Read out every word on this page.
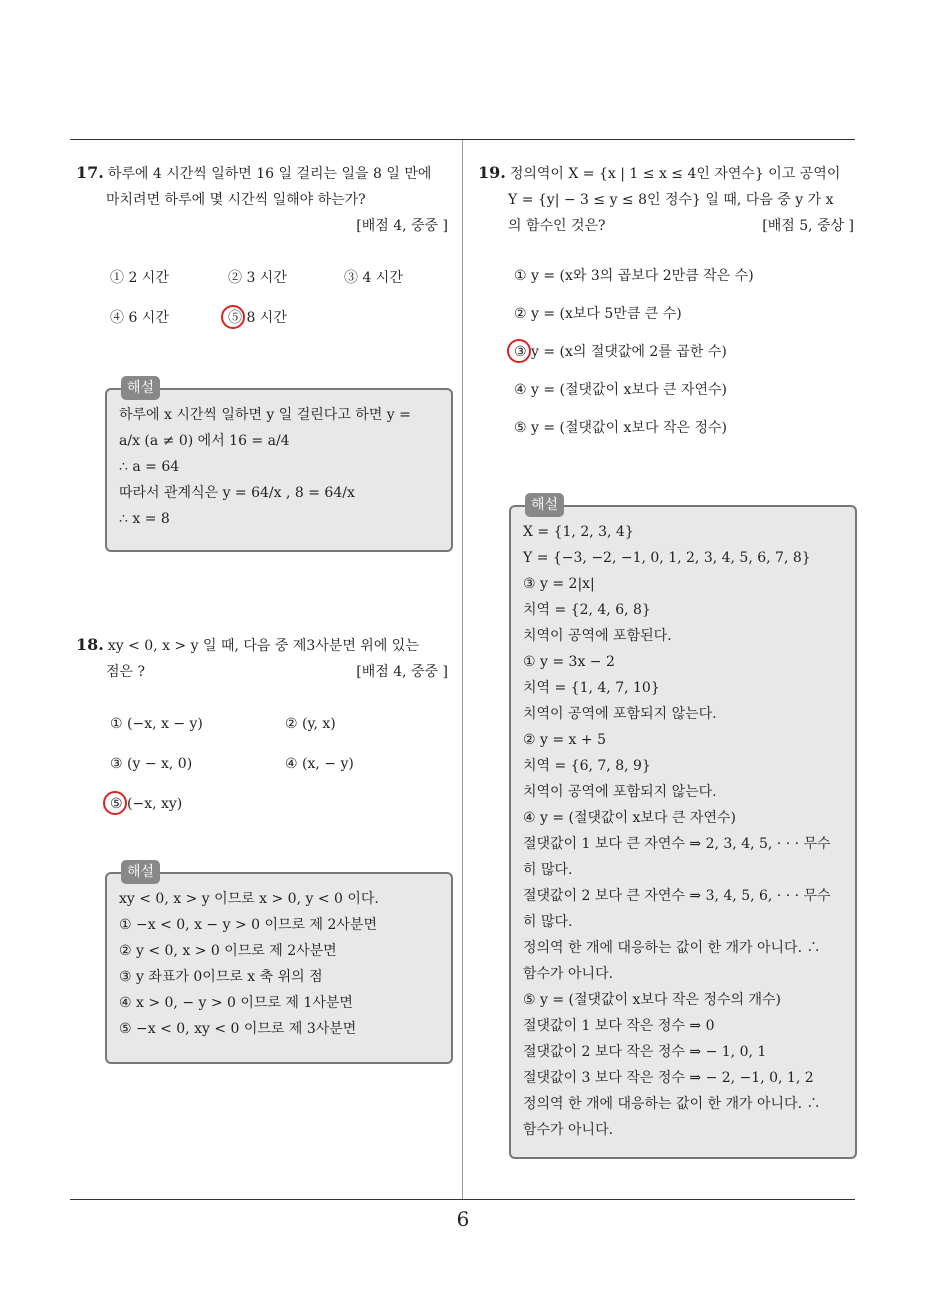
17. 하루에 4 시간씩 일하면 16 일 걸리는 일을 8 일 만에
마치려면 하루에 몇 시간씩 일해야 하는가?
[배점 4, 중중 ]
① 2 시간	② 3 시간	③ 4 시간
④ 6 시간	⑤ 8 시간
해설
하루에 x 시간씩 일하면 y 일 걸린다고 하면 y =
a/x (a ≠ 0) 에서 16 = a/4
∴ a = 64
따라서 관계식은 y = 64/x , 8 = 64/x
∴ x = 8
18. xy < 0, x > y 일 때, 다음 중 제3사분면 위에 있는
점은 ?	[배점 4, 중중 ]
① (−x, x − y)	② (y, x)
③ (y − x, 0)	④ (x, − y)
⑤ (−x, xy)
해설
xy < 0, x > y 이므로 x > 0, y < 0 이다.
① −x < 0, x − y > 0 이므로 제 2사분면
② y < 0, x > 0 이므로 제 2사분면
③ y 좌표가 0이므로 x 축 위의 점
④ x > 0, − y > 0 이므로 제 1사분면
⑤ −x < 0, xy < 0 이므로 제 3사분면
19. 정의역이 X = {x | 1 ≤ x ≤ 4인 자연수} 이고 공역이
Y = {y| − 3 ≤ y ≤ 8인 정수} 일 때, 다음 중 y 가 x
의 함수인 것은?	[배점 5, 중상 ]
① y = (x와 3의 곱보다 2만큼 작은 수)
② y = (x보다 5만큼 큰 수)
③ y = (x의 절댓값에 2를 곱한 수)
④ y = (절댓값이 x보다 큰 자연수)
⑤ y = (절댓값이 x보다 작은 정수)
해설
X = {1, 2, 3, 4}
Y = {−3, −2, −1, 0, 1, 2, 3, 4, 5, 6, 7, 8}
③ y = 2|x|
치역 = {2, 4, 6, 8}
치역이 공역에 포함된다.
① y = 3x − 2
치역 = {1, 4, 7, 10}
치역이 공역에 포함되지 않는다.
② y = x + 5
치역 = {6, 7, 8, 9}
치역이 공역에 포함되지 않는다.
④ y = (절댓값이 x보다 큰 자연수)
절댓값이 1 보다 큰 자연수 ⇒ 2, 3, 4, 5, · · · 무수
히 많다.
절댓값이 2 보다 큰 자연수 ⇒ 3, 4, 5, 6, · · · 무수
히 많다.
정의역 한 개에 대응하는 값이 한 개가 아니다. ∴
함수가 아니다.
⑤ y = (절댓값이 x보다 작은 정수의 개수)
절댓값이 1 보다 작은 정수 ⇒ 0
절댓값이 2 보다 작은 정수 ⇒ − 1, 0, 1
절댓값이 3 보다 작은 정수 ⇒ − 2, −1, 0, 1, 2
정의역 한 개에 대응하는 값이 한 개가 아니다. ∴
함수가 아니다.
6
